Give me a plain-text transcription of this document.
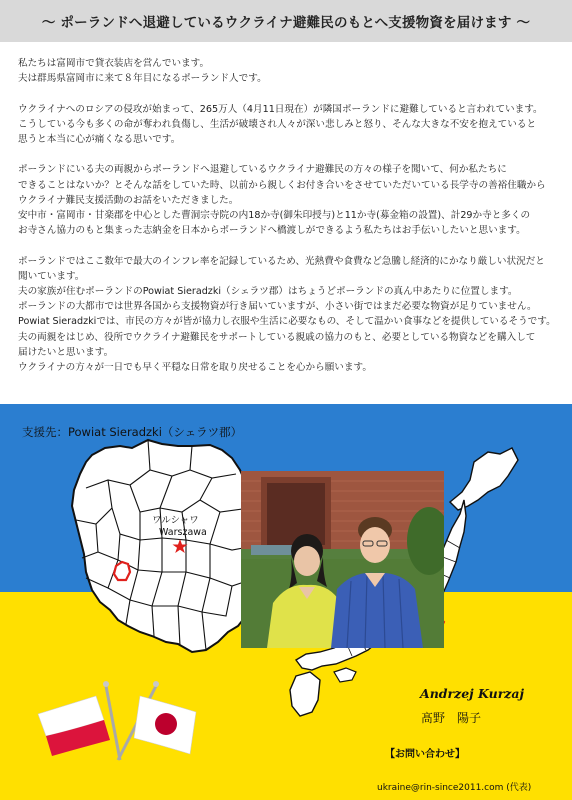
～ ポーランドへ退避しているウクライナ避難民のもとへ支援物資を届けます ～

私たちは富岡市で貸衣装店を営んでいます。
夫は群馬県富岡市に来て８年目になるポーランド人です。

ウクライナへのロシアの侵攻が始まって、265万人（4月11日現在）が隣国ポーランドに避難していると言われています。
こうしている今も多くの命が奪われ負傷し、生活が破壊され人々が深い悲しみと怒り、そんな大きな不安を抱えていると
思うと本当に心が痛くなる思いです。

ポーランドにいる夫の両親からポーランドへ退避しているウクライナ避難民の方々の様子を聞いて、何か私たちに
できることはないか？とそんな話をしていた時、以前から親しくお付き合いをさせていただいている長学寺の善裕住職から
ウクライナ難民支援活動のお話をいただきました。
安中市・富岡市・甘楽郡を中心とした曹洞宗寺院の内18か寺(御朱印授与)と11か寺(募金箱の設置)、計29か寺と多くの
お寺さん協力のもと集まった志納金を日本からポーランドへ橋渡しができるよう私たちはお手伝いしたいと思います。

ポーランドではここ数年で最大のインフレ率を記録しているため、光熱費や食費など急騰し経済的にかなり厳しい状況だと
聞いています。
夫の家族が住むポーランドのPowiat Sieradzki（シェラツ郡）はちょうどポーランドの真ん中あたりに位置します。
ポーランドの大都市では世界各国から支援物資が行き届いていますが、小さい街ではまだ必要な物資が足りていません。
Powiat Sieradzkiでは、市民の方々が皆が協力し衣服や生活に必要なもの、そして温かい食事などを提供しているそうです。
夫の両親をはじめ、役所でウクライナ避難民をサポートしている親戚の協力のもと、必要としている物資などを購入して
届けたいと思います。
ウクライナの方々が一日でも早く平穏な日常を取り戻せることを心から願います。

支援先：Powiat Sieradzki（シェラツ郡）
ワルシャワ
Warszawa
Andrzej Kurzaj
髙野　陽子
【お問い合わせ】
ukraine@rin-since2011.com (代表)
